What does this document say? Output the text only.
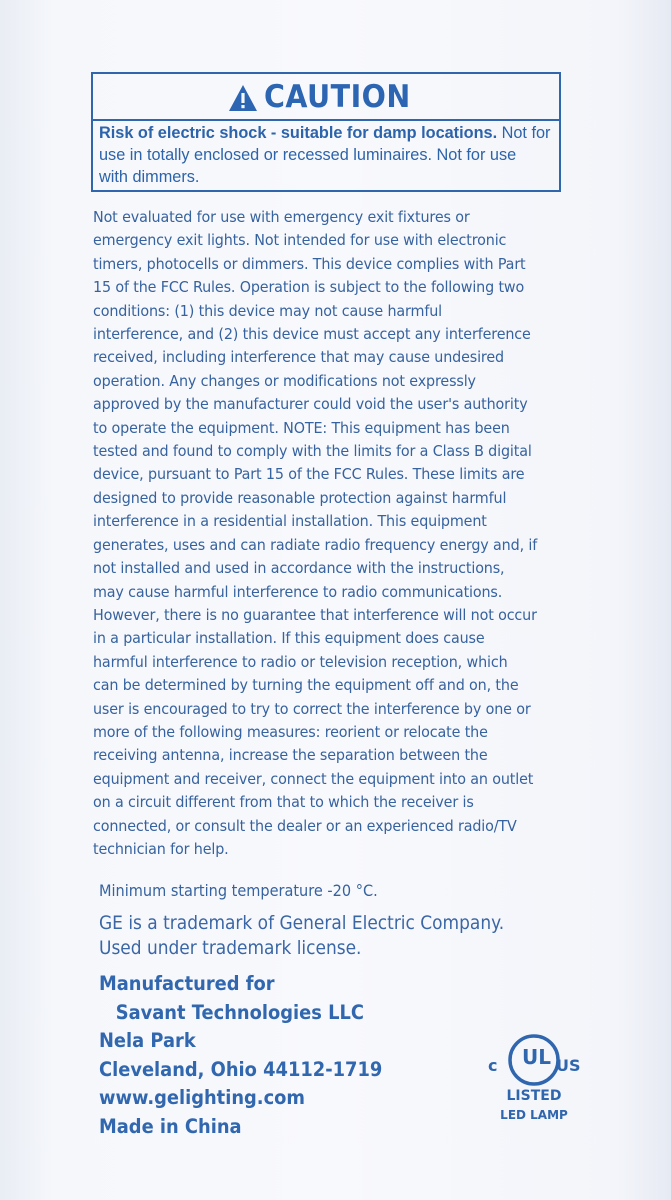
CAUTION
Risk of electric shock - suitable for damp locations. Not for
use in totally enclosed or recessed luminaires. Not for use
with dimmers.
Not evaluated for use with emergency exit fixtures or
emergency exit lights. Not intended for use with electronic
timers, photocells or dimmers. This device complies with Part
15 of the FCC Rules. Operation is subject to the following two
conditions: (1) this device may not cause harmful
interference, and (2) this device must accept any interference
received, including interference that may cause undesired
operation. Any changes or modifications not expressly
approved by the manufacturer could void the user's authority
to operate the equipment. NOTE: This equipment has been
tested and found to comply with the limits for a Class B digital
device, pursuant to Part 15 of the FCC Rules. These limits are
designed to provide reasonable protection against harmful
interference in a residential installation. This equipment
generates, uses and can radiate radio frequency energy and, if
not installed and used in accordance with the instructions,
may cause harmful interference to radio communications.
However, there is no guarantee that interference will not occur
in a particular installation. If this equipment does cause
harmful interference to radio or television reception, which
can be determined by turning the equipment off and on, the
user is encouraged to try to correct the interference by one or
more of the following measures: reorient or relocate the
receiving antenna, increase the separation between the
equipment and receiver, connect the equipment into an outlet
on a circuit different from that to which the receiver is
connected, or consult the dealer or an experienced radio/TV
technician for help.
Minimum starting temperature -20 °C.
GE is a trademark of General Electric Company.
Used under trademark license.
Manufactured for
Savant Technologies LLC
Nela Park
Cleveland, Ohio 44112-1719
www.gelighting.com
Made in China
UL
c	US
LISTED
LED LAMP
